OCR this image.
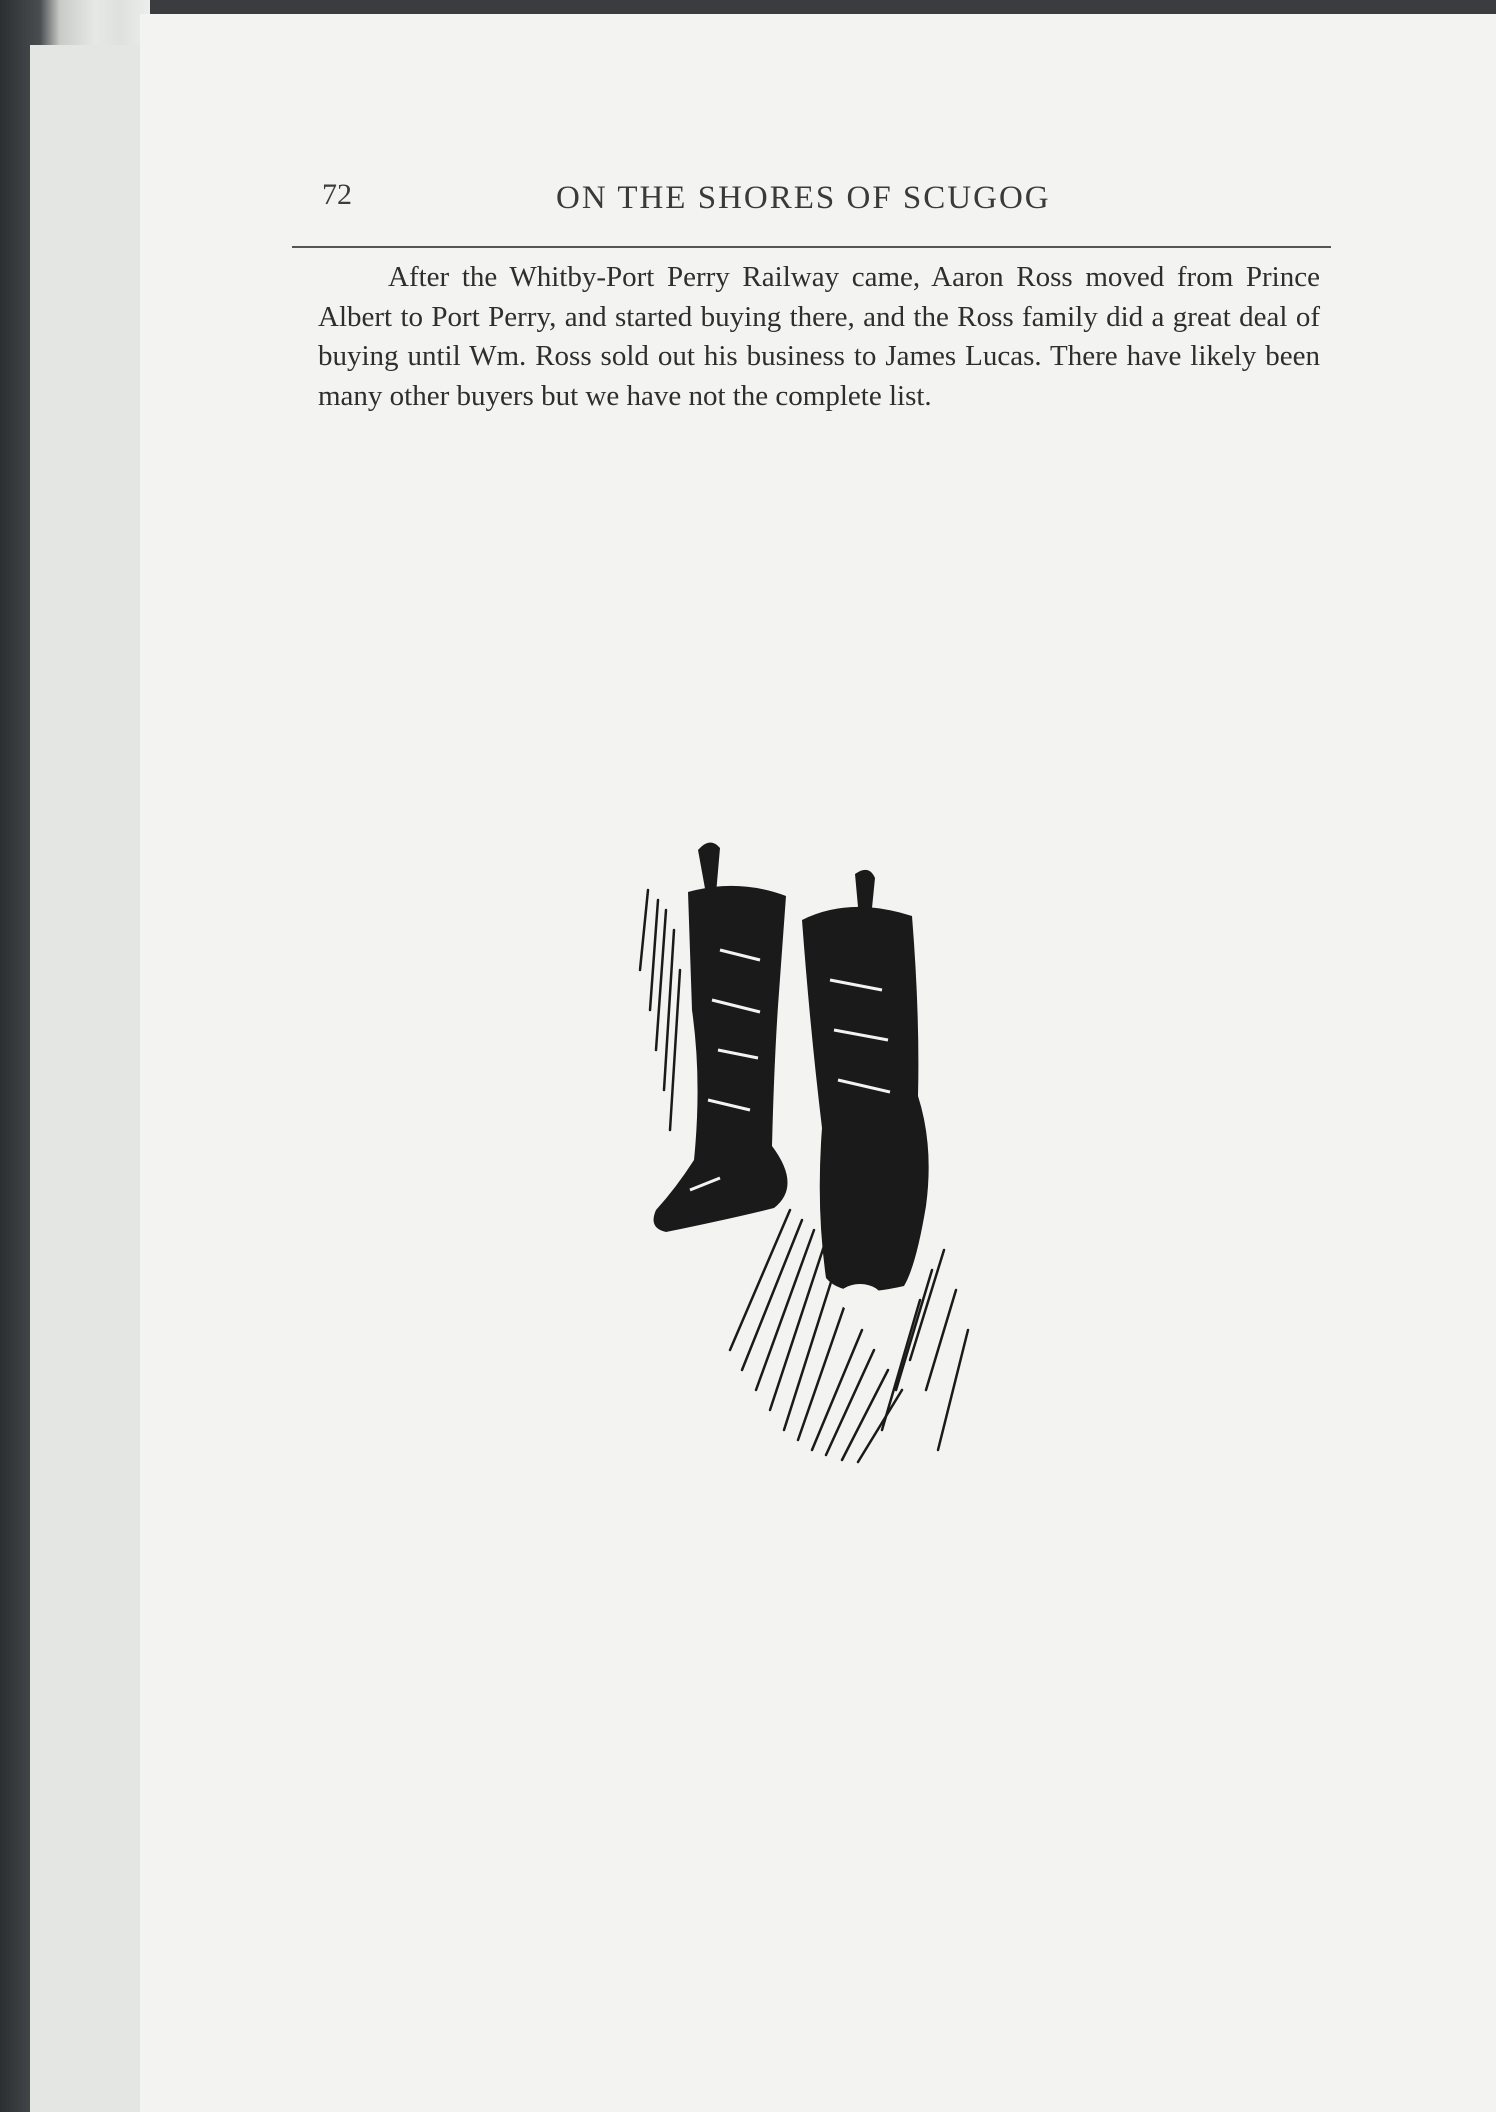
72	ON THE SHORES OF SCUGOG

After the Whitby-Port Perry Railway came, Aaron Ross moved from Prince Albert to Port Perry, and started buying there, and the Ross family did a great deal of buying until Wm. Ross sold out his business to James Lucas. There have likely been many other buyers but we have not the complete list.
